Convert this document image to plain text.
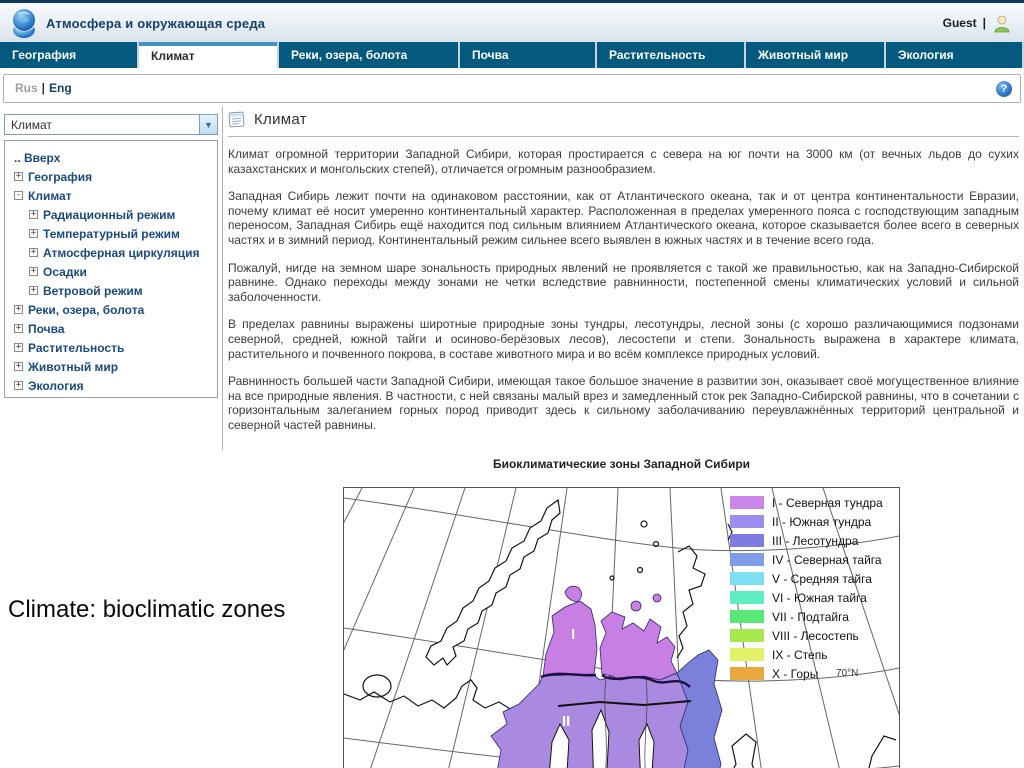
Атмосфера и окружающая среда	Guest |
География	Климат	Реки, озера, болота	Почва	Растительность	Животный мир	Экология
Rus | Eng	?
Климат	▼
.. Вверх
+
География
-
Климат
+
Радиационный режим
+
Температурный режим
+
Атмосферная циркуляция
+
Осадки
+
Ветровой режим
+
Реки, озера, болота
+
Почва
+
Растительность
+
Животный мир
+
Экология
Климат

Климат огромной территории Западной Сибири, которая простирается с севера на юг почти на 3000 км (от вечных льдов до сухих казахстанских и монгольских степей), отличается огромным разнообразием.

Западная Сибирь лежит почти на одинаковом расстоянии, как от Атлантического океана, так и от центра континентальности Евразии, почему климат её носит умеренно континентальный характер. Расположенная в пределах умеренного пояса с господствующим западным переносом, Западная Сибирь ещё находится под сильным влиянием Атлантического океана, которое сказывается более всего в северных частях и в зимний период. Континентальный режим сильнее всего выявлен в южных частях и в течение всего года.

Пожалуй, нигде на земном шаре зональность природных явлений не проявляется с такой же правильностью, как на Западно-Сибирской равнине. Однако переходы между зонами не четки вследствие равнинности, постепенной смены климатических условий и сильной заболоченности.

В пределах равнины выражены широтные природные зоны тундры, лесотундры, лесной зоны (с хорошо различающимися подзонами северной, средней, южной тайги и осиново-берёзовых лесов), лесостепи и степи. Зональность выражена в характере климата, растительного и почвенного покрова, в составе животного мира и во всём комплексе природных условий.

Равнинность большей части Западной Сибири, имеющая такое большое значение в развитии зон, оказывает своё могущественное влияние на все природные явления. В частности, с ней связаны малый врез и замедленный сток рек Западно-Сибирской равнины, что в сочетании с горизонтальным залеганием горных пород приводит здесь к сильному заболачиванию переувлажнённых территорий центральной и северной частей равнины.

Биоклиматические зоны Западной Сибири
I - Северная тундра
II - Южная тундра
III - Лесотундра
IV - Северная тайга
V - Средняя тайга
VI - Южная тайга
VII - Подтайга
VIII - Лесостепь
IX - Степь
X - Горы
I
II
70°N
Climate: bioclimatic zones
